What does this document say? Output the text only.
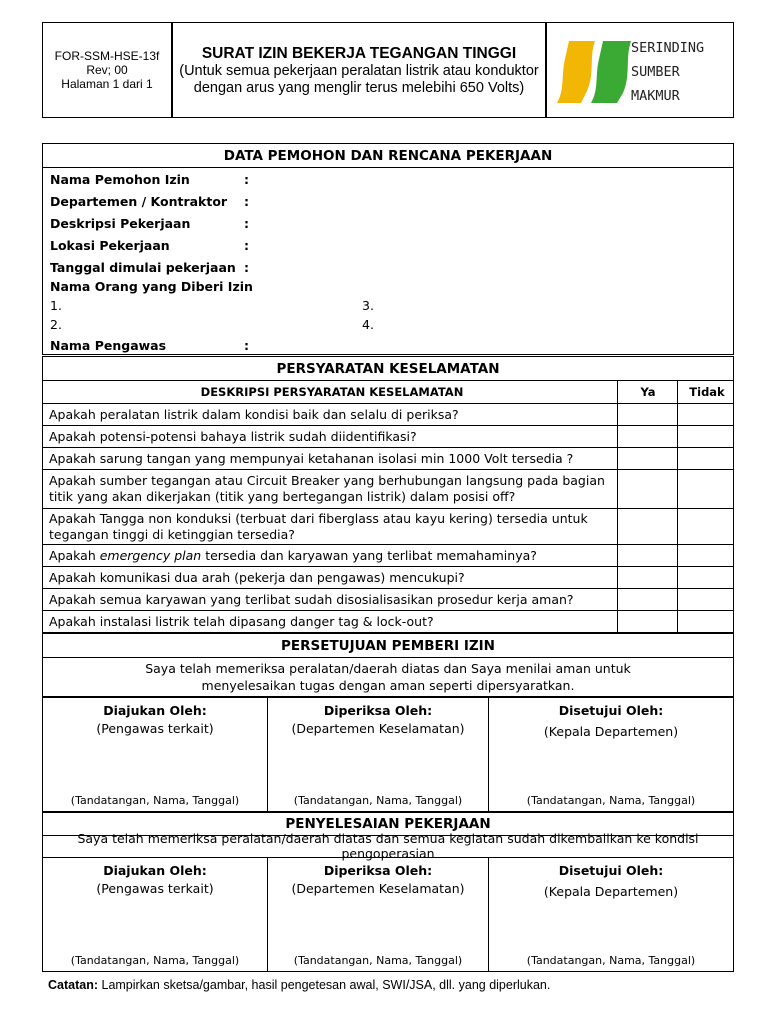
FOR-SSM-HSE-13f
Rev; 00
Halaman 1 dari 1
SURAT IZIN BEKERJA TEGANGAN TINGGI
(Untuk semua pekerjaan peralatan listrik atau konduktor dengan arus yang menglir terus melebihi 650 Volts)
SERINDING
SUMBER
MAKMUR
DATA PEMOHON DAN RENCANA PEKERJAAN
Nama Pemohon Izin	:
Departemen / Kontraktor :
Deskripsi Pekerjaan	:
Lokasi Pekerjaan	:
Tanggal dimulai pekerjaan :
Nama Orang yang Diberi Izin
1.
2.
3.
4.
Nama Pengawas	:
PERSYARATAN KESELAMATAN
DESKRIPSI PERSYARATAN KESELAMATAN	Ya	Tidak
Apakah peralatan listrik dalam kondisi baik dan selalu di periksa?
Apakah potensi-potensi bahaya listrik sudah diidentifikasi?
Apakah sarung tangan yang mempunyai ketahanan isolasi min 1000 Volt tersedia ?
Apakah sumber tegangan atau Circuit Breaker yang berhubungan langsung pada bagian titik yang akan dikerjakan (titik yang bertegangan listrik) dalam posisi off?
Apakah Tangga non konduksi (terbuat dari fiberglass atau kayu kering) tersedia untuk tegangan tinggi di ketinggian tersedia?
Apakah emergency plan tersedia dan karyawan yang terlibat memahaminya?
Apakah komunikasi dua arah (pekerja dan pengawas) mencukupi?
Apakah semua karyawan yang terlibat sudah disosialisasikan prosedur kerja aman?
Apakah instalasi listrik telah dipasang danger tag & lock-out?
PERSETUJUAN PEMBERI IZIN
Saya telah memeriksa peralatan/daerah diatas dan Saya menilai aman untuk menyelesaikan tugas dengan aman seperti dipersyaratkan.
Diajukan Oleh:
(Pengawas terkait)
(Tandatangan, Nama, Tanggal)
Diperiksa Oleh:
(Departemen Keselamatan)
(Tandatangan, Nama, Tanggal)
Disetujui Oleh:
(Kepala Departemen)
(Tandatangan, Nama, Tanggal)
PENYELESAIAN PEKERJAAN
Saya telah memeriksa peralatan/daerah diatas dan semua kegiatan sudah dikembalikan ke kondisi pengoperasian
Diajukan Oleh:
(Pengawas terkait)
(Tandatangan, Nama, Tanggal)
Diperiksa Oleh:
(Departemen Keselamatan)
(Tandatangan, Nama, Tanggal)
Disetujui Oleh:
(Kepala Departemen)
(Tandatangan, Nama, Tanggal)
Catatan: Lampirkan sketsa/gambar, hasil pengetesan awal, SWI/JSA, dll. yang diperlukan.
